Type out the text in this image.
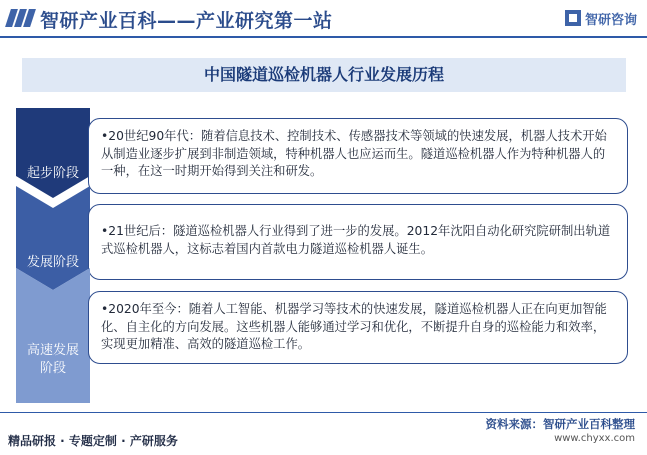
智研产业百科——产业研究第一站	智研咨询
中国隧道巡检机器人行业发展历程
起步阶段
•20世纪90年代：随着信息技术、控制技术、传感器技术等领域的快速发展，机器人技术开始从制造业逐步扩展到非制造领域，特种机器人也应运而生。隧道巡检机器人作为特种机器人的一种，在这一时期开始得到关注和研发。
发展阶段
•21世纪后：隧道巡检机器人行业得到了进一步的发展。2012年沈阳自动化研究院研制出轨道式巡检机器人，这标志着国内首款电力隧道巡检机器人诞生。
高速发展阶段
•2020年至今：随着人工智能、机器学习等技术的快速发展，隧道巡检机器人正在向更加智能化、自主化的方向发展。这些机器人能够通过学习和优化，不断提升自身的巡检能力和效率，实现更加精准、高效的隧道巡检工作。
资料来源：智研产业百科整理
精品研报 · 专题定制 · 产研服务	www.chyxx.com
